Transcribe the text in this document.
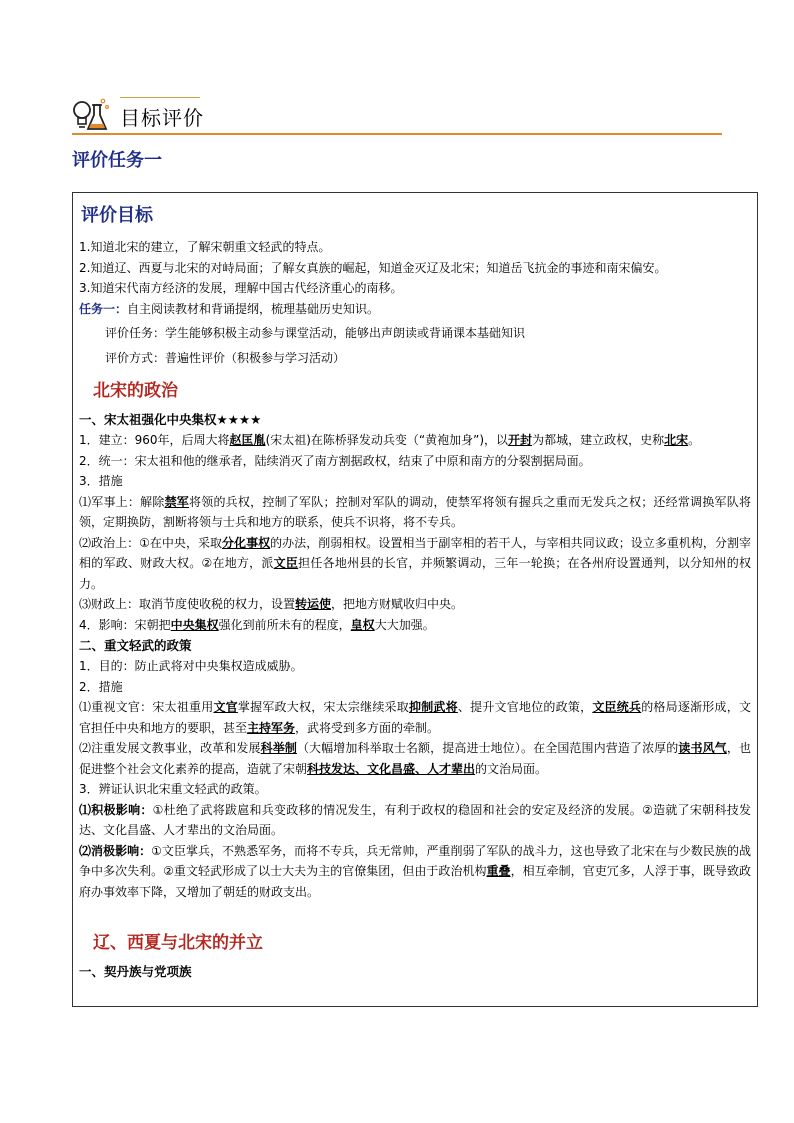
目标评价
评价任务一
评价目标
1.知道北宋的建立，了解宋朝重文轻武的特点。
2.知道辽、西夏与北宋的对峙局面；了解女真族的崛起，知道金灭辽及北宋；知道岳飞抗金的事迹和南宋偏安。
3.知道宋代南方经济的发展，理解中国古代经济重心的南移。
任务一：自主阅读教材和背诵提纲，梳理基础历史知识。
评价任务：学生能够积极主动参与课堂活动，能够出声朗读或背诵课本基础知识
评价方式：普遍性评价（积极参与学习活动）
北宋的政治
一、宋太祖强化中央集权★★★★
1．建立：960年，后周大将赵匡胤(宋太祖)在陈桥驿发动兵变（“黄袍加身”)，以开封为都城，建立政权，史称北宋。
2．统一：宋太祖和他的继承者，陆续消灭了南方割据政权，结束了中原和南方的分裂割据局面。
3．措施
⑴军事上：解除禁军将领的兵权，控制了军队；控制对军队的调动，使禁军将领有握兵之重而无发兵之权；还经常调换军队将领，定期换防，割断将领与士兵和地方的联系，使兵不识将，将不专兵。
⑵政治上：①在中央，采取分化事权的办法，削弱相权。设置相当于副宰相的若干人，与宰相共同议政；设立多重机构，分割宰相的军政、财政大权。②在地方，派文臣担任各地州县的长官，并频繁调动，三年一轮换；在各州府设置通判，以分知州的权力。
⑶财政上：取消节度使收税的权力，设置转运使，把地方财赋收归中央。
4．影响：宋朝把中央集权强化到前所未有的程度，皇权大大加强。
二、重文轻武的政策
1．目的：防止武将对中央集权造成威胁。
2．措施
⑴重视文官：宋太祖重用文官掌握军政大权，宋太宗继续采取抑制武将、提升文官地位的政策，文臣统兵的格局逐渐形成，文官担任中央和地方的要职，甚至主持军务，武将受到多方面的牵制。
⑵注重发展文教事业，改革和发展科举制（大幅增加科举取士名额，提高进士地位）。在全国范围内营造了浓厚的读书风气，也促进整个社会文化素养的提高，造就了宋朝科技发达、文化昌盛、人才辈出的文治局面。
3．辨证认识北宋重文轻武的政策。
⑴积极影响：①杜绝了武将跋扈和兵变政移的情况发生，有利于政权的稳固和社会的安定及经济的发展。②造就了宋朝科技发达、文化昌盛、人才辈出的文治局面。
⑵消极影响：①文臣掌兵，不熟悉军务，而将不专兵，兵无常帅，严重削弱了军队的战斗力，这也导致了北宋在与少数民族的战争中多次失利。②重文轻武形成了以士大夫为主的官僚集团，但由于政治机构重叠，相互牵制，官吏冗多，人浮于事，既导致政府办事效率下降，又增加了朝廷的财政支出。
辽、西夏与北宋的并立
一、契丹族与党项族
